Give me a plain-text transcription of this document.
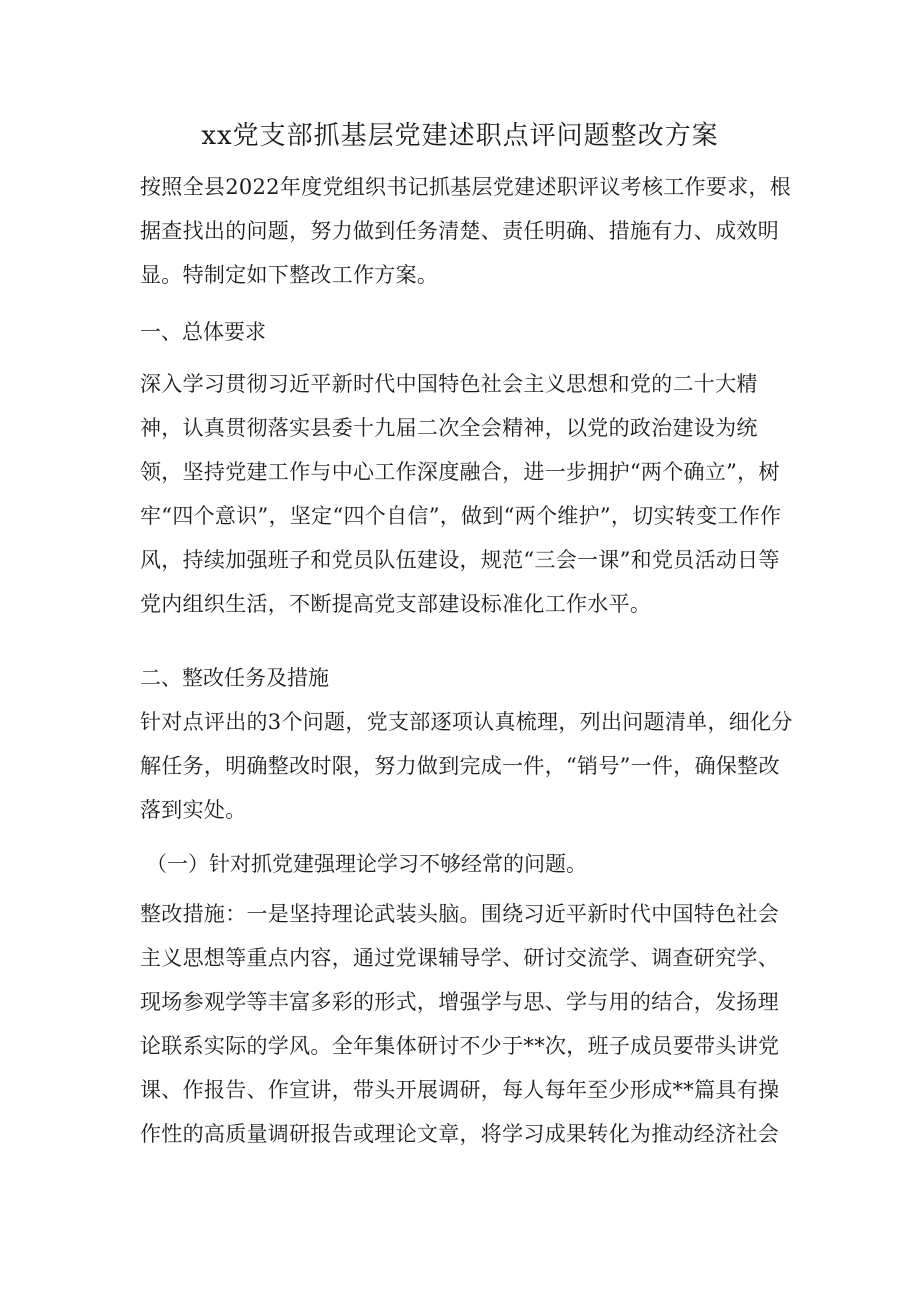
xx党支部抓基层党建述职点评问题整改方案

按照全县2022年度党组织书记抓基层党建述职评议考核工作要求，根据查找出的问题，努力做到任务清楚、责任明确、措施有力、成效明显。特制定如下整改工作方案。

一、总体要求

深入学习贯彻习近平新时代中国特色社会主义思想和党的二十大精神，认真贯彻落实县委十九届二次全会精神，以党的政治建设为统领，坚持党建工作与中心工作深度融合，进一步拥护“两个确立”，树牢“四个意识”，坚定“四个自信”，做到“两个维护”，切实转变工作作风，持续加强班子和党员队伍建设，规范“三会一课”和党员活动日等党内组织生活，不断提高党支部建设标准化工作水平。

二、整改任务及措施

针对点评出的3个问题，党支部逐项认真梳理，列出问题清单，细化分解任务，明确整改时限，努力做到完成一件，“销号”一件，确保整改落到实处。

（一）针对抓党建强理论学习不够经常的问题。

整改措施：一是坚持理论武装头脑。围绕习近平新时代中国特色社会主义思想等重点内容，通过党课辅导学、研讨交流学、调查研究学、现场参观学等丰富多彩的形式，增强学与思、学与用的结合，发扬理论联系实际的学风。全年集体研讨不少于**次，班子成员要带头讲党课、作报告、作宣讲，带头开展调研，每人每年至少形成**篇具有操作性的高质量调研报告或理论文章，将学习成果转化为推动经济社会
